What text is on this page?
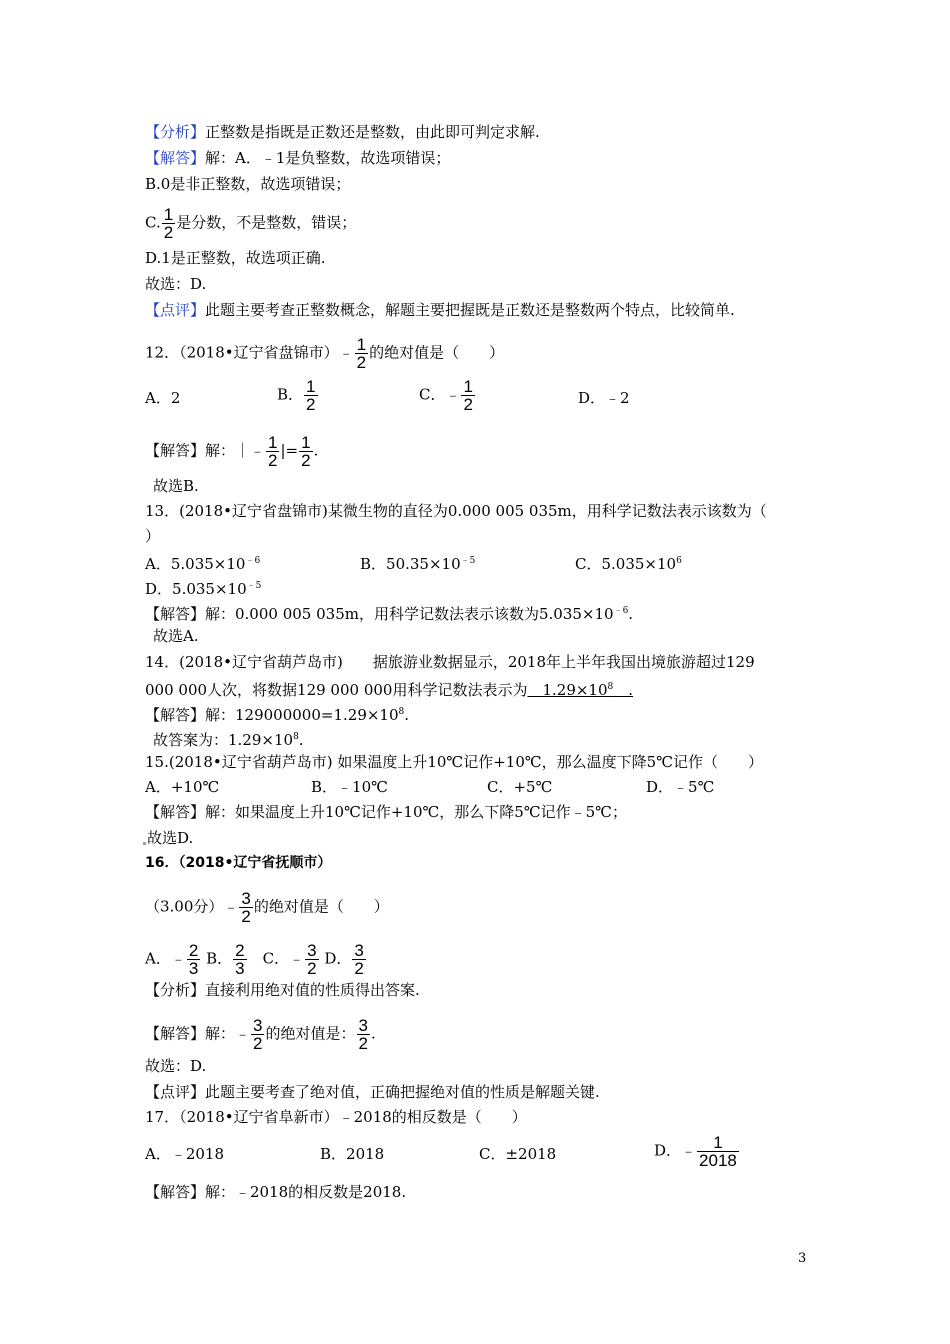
【分析】正整数是指既是正数还是整数，由此即可判定求解.
【解答】解：A．﹣1是负整数，故选项错误；
B.0是非正整数，故选项错误；
C. $\frac{1}{2}$ 是分数，不是整数，错误；
D.1是正整数，故选项正确.
故选：D.
【点评】此题主要考查正整数概念，解题主要把握既是正数还是整数两个特点，比较简单.
12．（2018•辽宁省盘锦市）﹣ $\frac{1}{2}$ 的绝对值是（　　）
A．2	B． $\frac{1}{2}$	C．﹣ $\frac{1}{2}$	D．﹣2
【解答】解：｜﹣ $\frac{1}{2}$ |= $\frac{1}{2}$ .
故选B.
13．(2018•辽宁省盘锦市)某微生物的直径为0.000 005 035m，用科学记数法表示该数为（
）
A．$5.035\times 10^{﹣6}$	B．$50.35\times 10^{﹣5}$	C．$5.035\times 10^6$
D．$5.035\times 10^{﹣5}$
【解答】解：0.000 005 035m，用科学记数法表示该数为$5.035\times 10^{﹣6}$.
故选A.
14．(2018•辽宁省葫芦岛市)　　据旅游业数据显示，2018年上半年我国出境旅游超过129
000 000人次，将数据129 000 000用科学记数法表示为　$1.29\times 10^8$　.
【解答】解：$129000000=1.29\times 10^8$.
故答案为：$1.29\times 10^8$.
15.(2018•辽宁省葫芦岛市) 如果温度上升10℃记作+10℃，那么温度下降5℃记作（　　）
A．+10℃	B．﹣10℃	C．+5℃	D．﹣5℃
【解答】解：如果温度上升10℃记作+10℃，那么下降5℃记作﹣5℃；
故选D.
16．（2018•辽宁省抚顺市）
（3.00分）﹣ $\frac{3}{2}$ 的绝对值是（　　）
A．﹣ $\frac{2}{3}$ B． $\frac{2}{3}$
　 C．﹣ $\frac{3}{2}$ D． $\frac{3}{2}$
【分析】直接利用绝对值的性质得出答案.
【解答】解：﹣ $\frac{3}{2}$ 的绝对值是： $\frac{3}{2}$ .
故选：D.
【点评】此题主要考查了绝对值，正确把握绝对值的性质是解题关键.
17．（2018•辽宁省阜新市）﹣2018的相反数是（　　）
A．﹣2018	B．2018	C．±2018	D．﹣ $\frac{1}{2018}$
【解答】解：﹣2018的相反数是2018.
3
